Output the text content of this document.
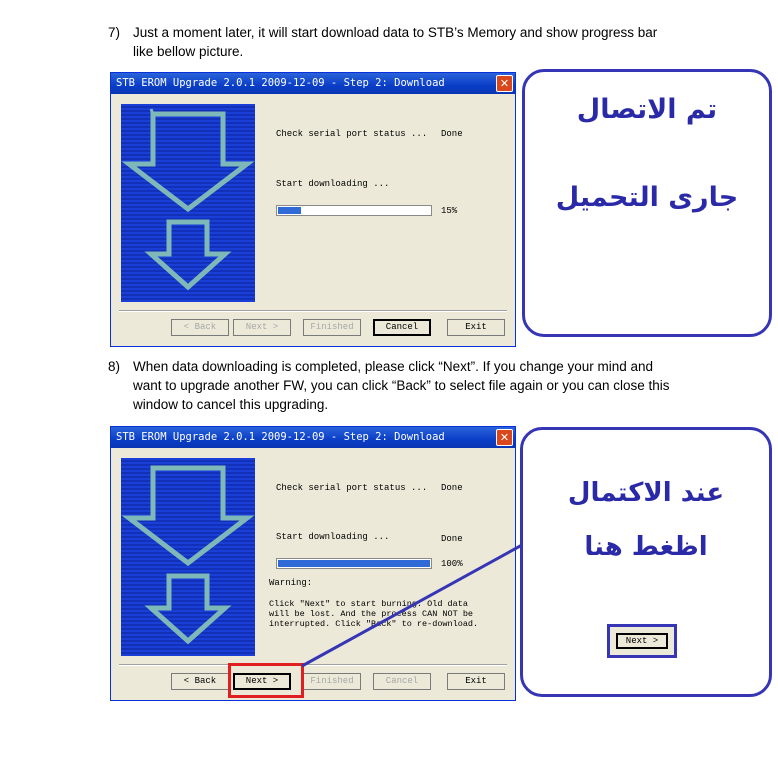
7) Just a moment later, it will start download data to STB’s Memory and show progress bar like bellow picture.
STB EROM Upgrade 2.0.1 2009-12-09 - Step 2: Download	✕
Check serial port status ... Done
Start downloading ...
15%
< Back	Next >	Finished	Cancel	Exit
تم الاتصال
جارى التحميل
8) When data downloading is completed, please click “Next”. If you change your mind and want to upgrade another FW, you can click “Back” to select file again or you can close this window to cancel this upgrading.
STB EROM Upgrade 2.0.1 2009-12-09 - Step 2: Download	✕
Check serial port status ... Done
Start downloading ...	Done
100%
Warning:
Click "Next" to start burning. Old data
will be lost. And the  CAN NOT be
interrupted. Click  to re-download.
< Back	Next >	Finished	Cancel	Exit
عند الاكتمال
اظغط هنا
Next >
